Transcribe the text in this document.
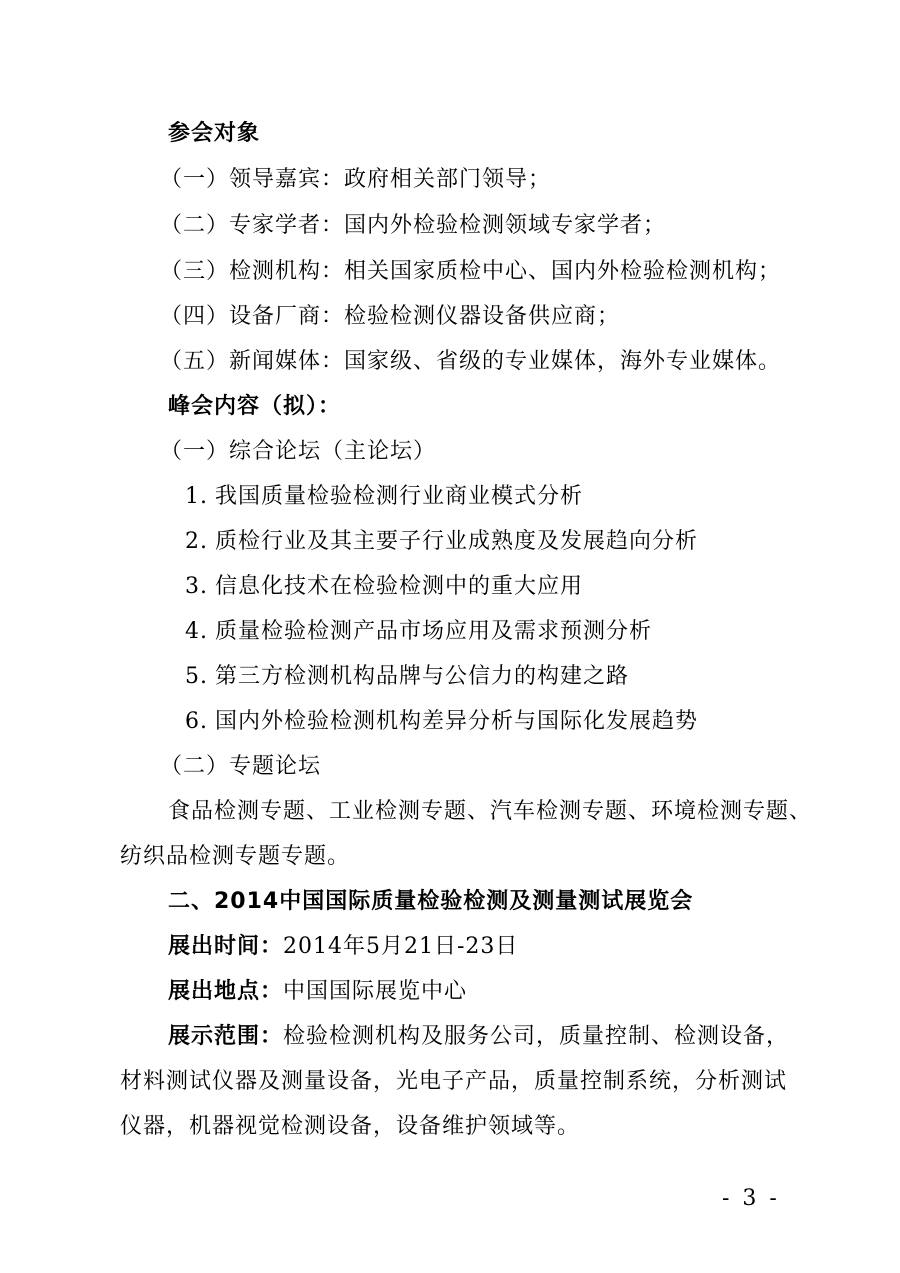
参会对象
（一）领导嘉宾：政府相关部门领导；
（二）专家学者：国内外检验检测领域专家学者；
（三）检测机构：相关国家质检中心、国内外检验检测机构；
（四）设备厂商：检验检测仪器设备供应商；
（五）新闻媒体：国家级、省级的专业媒体，海外专业媒体。
峰会内容（拟）：
（一）综合论坛（主论坛）
1. 我国质量检验检测行业商业模式分析
2. 质检行业及其主要子行业成熟度及发展趋向分析
3. 信息化技术在检验检测中的重大应用
4. 质量检验检测产品市场应用及需求预测分析
5. 第三方检测机构品牌与公信力的构建之路
6. 国内外检验检测机构差异分析与国际化发展趋势
（二）专题论坛
食品检测专题、工业检测专题、汽车检测专题、环境检测专题、
纺织品检测专题专题。
二、2014中国国际质量检验检测及测量测试展览会
展出时间：2014年5月21日-23日
展出地点：中国国际展览中心
展示范围：检验检测机构及服务公司，质量控制、检测设备，
材料测试仪器及测量设备，光电子产品，质量控制系统，分析测试
仪器，机器视觉检测设备，设备维护领域等。
- 3 -
